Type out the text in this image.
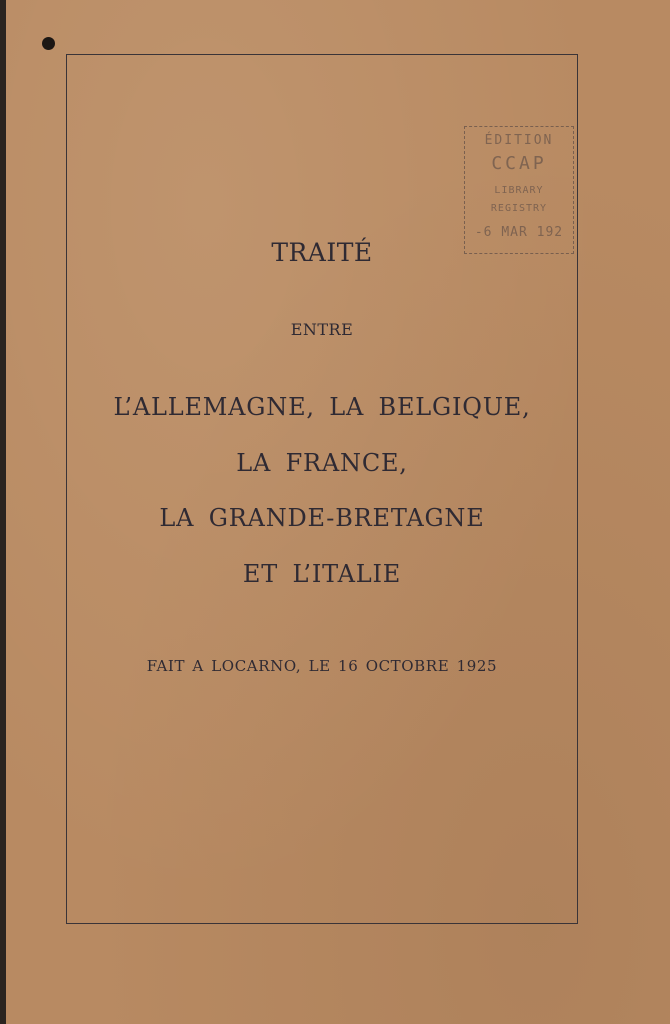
ÉDITION
CCAP
LIBRARY
REGISTRY
-6 MAR 192
TRAITÉ
ENTRE
L’ALLEMAGNE, LA BELGIQUE,
LA FRANCE,
LA GRANDE-BRETAGNE
ET L’ITALIE
FAIT A LOCARNO, LE 16 OCTOBRE 1925
